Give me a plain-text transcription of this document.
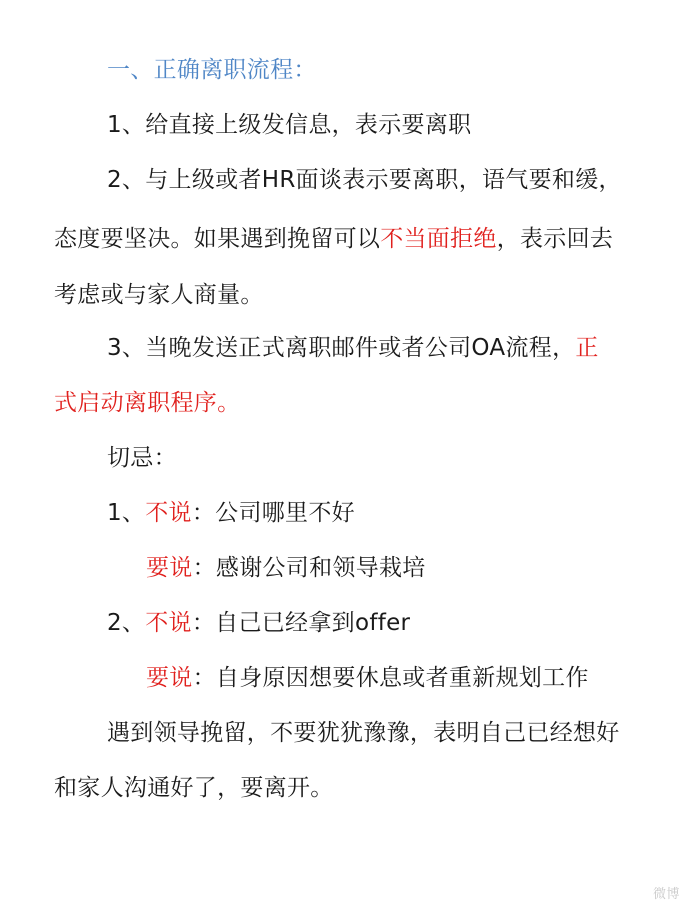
一、正确离职流程：
1、给直接上级发信息，表示要离职
2、与上级或者HR面谈表示要离职，语气要和缓，
态度要坚决。如果遇到挽留可以不当面拒绝，表示回去
考虑或与家人商量。
3、当晚发送正式离职邮件或者公司OA流程，正
式启动离职程序。
切忌：
1、不说：公司哪里不好
要说：感谢公司和领导栽培
2、不说：自己已经拿到offer
要说：自身原因想要休息或者重新规划工作
遇到领导挽留，不要犹犹豫豫，表明自己已经想好
和家人沟通好了，要离开。
微博
